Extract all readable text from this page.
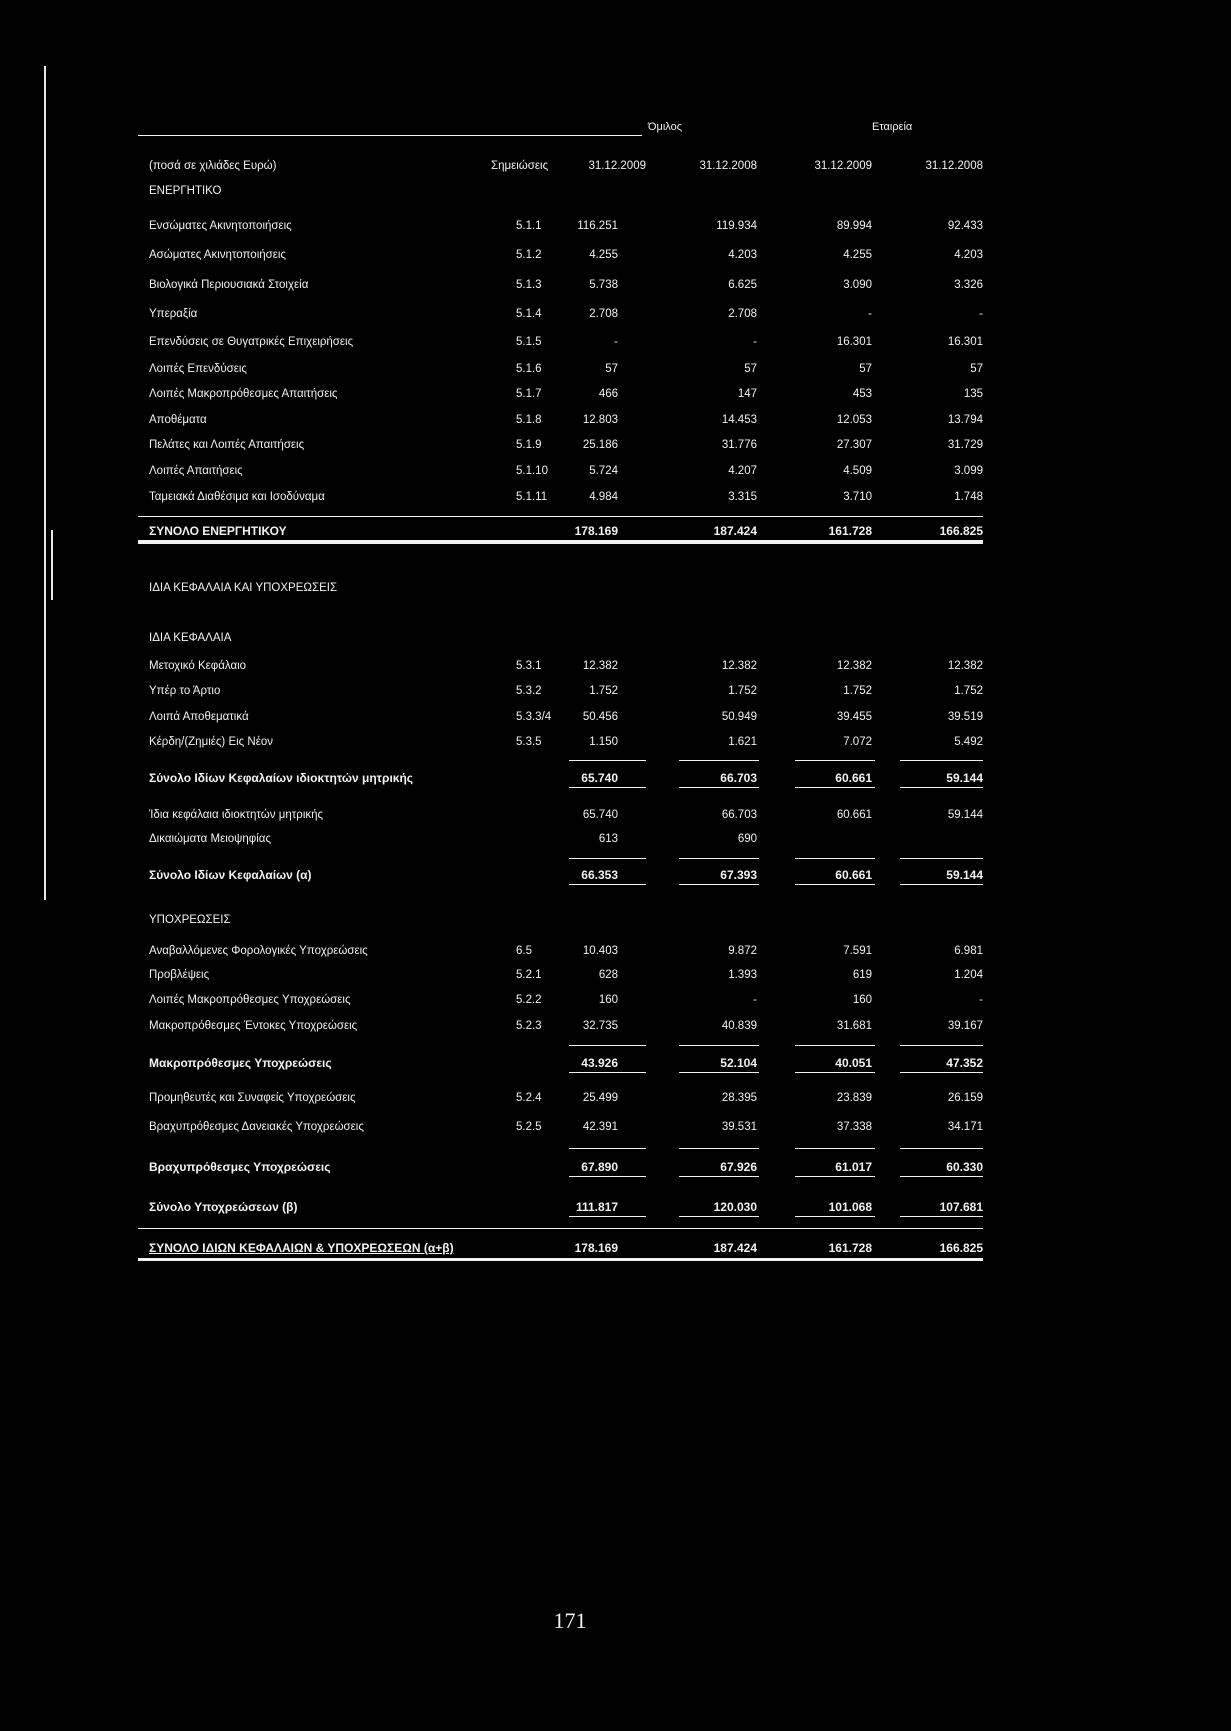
Όμιλος	Εταιρεία
(ποσά σε χιλιάδες Ευρώ)	Σημειώσεις	31.12.2009	31.12.2008	31.12.2009	31.12.2008
ΕΝΕΡΓΗΤΙΚΟ
Ενσώματες Ακινητοποιήσεις	5.1.1	116.251	119.934	89.994	92.433
Ασώματες Ακινητοποιήσεις	5.1.2	4.255	4.203	4.255	4.203
Βιολογικά Περιουσιακά Στοιχεία	5.1.3	5.738	6.625	3.090	3.326
Υπεραξία	5.1.4	2.708	2.708	-	-
Επενδύσεις σε Θυγατρικές Επιχειρήσεις	5.1.5	-	-	16.301	16.301
Λοιπές Επενδύσεις	5.1.6	57	57	57	57
Λοιπές Μακροπρόθεσμες Απαιτήσεις	5.1.7	466	147	453	135
Αποθέματα	5.1.8	12.803	14.453	12.053	13.794
Πελάτες και Λοιπές Απαιτήσεις	5.1.9	25.186	31.776	27.307	31.729
Λοιπές Απαιτήσεις	5.1.10	5.724	4.207	4.509	3.099
Ταμειακά Διαθέσιμα και Ισοδύναμα	5.1.11	4.984	3.315	3.710	1.748
ΣΥΝΟΛΟ ΕΝΕΡΓΗΤΙΚΟΥ	178.169	187.424	161.728	166.825
ΙΔΙΑ ΚΕΦΑΛΑΙΑ ΚΑΙ ΥΠΟΧΡΕΩΣΕΙΣ
ΙΔΙΑ ΚΕΦΑΛΑΙΑ
Μετοχικό Κεφάλαιο	5.3.1	12.382	12.382	12.382	12.382
Υπέρ το Άρτιο	5.3.2	1.752	1.752	1.752	1.752
Λοιπά Αποθεματικά	5.3.3/4	50.456	50.949	39.455	39.519
Κέρδη/(Ζημιές) Εις Νέον	5.3.5	1.150	1.621	7.072	5.492
Σύνολο Ιδίων Κεφαλαίων ιδιοκτητών μητρικής	65.740	66.703	60.661	59.144
Ίδια κεφάλαια ιδιοκτητών μητρικής	65.740	66.703	60.661	59.144
Δικαιώματα Μειοψηφίας	613	690
Σύνολο Ιδίων Κεφαλαίων (α)	66.353	67.393	60.661	59.144
ΥΠΟΧΡΕΩΣΕΙΣ
Αναβαλλόμενες Φορολογικές Υποχρεώσεις	6.5	10.403	9.872	7.591	6.981
Προβλέψεις	5.2.1	628	1.393	619	1.204
Λοιπές Μακροπρόθεσμες Υποχρεώσεις	5.2.2	160	-	160	-
Μακροπρόθεσμες Έντοκες Υποχρεώσεις	5.2.3	32.735	40.839	31.681	39.167
Μακροπρόθεσμες Υποχρεώσεις	43.926	52.104	40.051	47.352
Προμηθευτές και Συναφείς Υποχρεώσεις	5.2.4	25.499	28.395	23.839	26.159
Βραχυπρόθεσμες Δανειακές Υποχρεώσεις	5.2.5	42.391	39.531	37.338	34.171
Βραχυπρόθεσμες Υποχρεώσεις	67.890	67.926	61.017	60.330
Σύνολο Υποχρεώσεων (β)	111.817	120.030	101.068	107.681
ΣΥΝΟΛΟ ΙΔΙΩΝ ΚΕΦΑΛΑΙΩΝ & ΥΠΟΧΡΕΩΣΕΩΝ (α+β)	178.169	187.424	161.728	166.825
171
